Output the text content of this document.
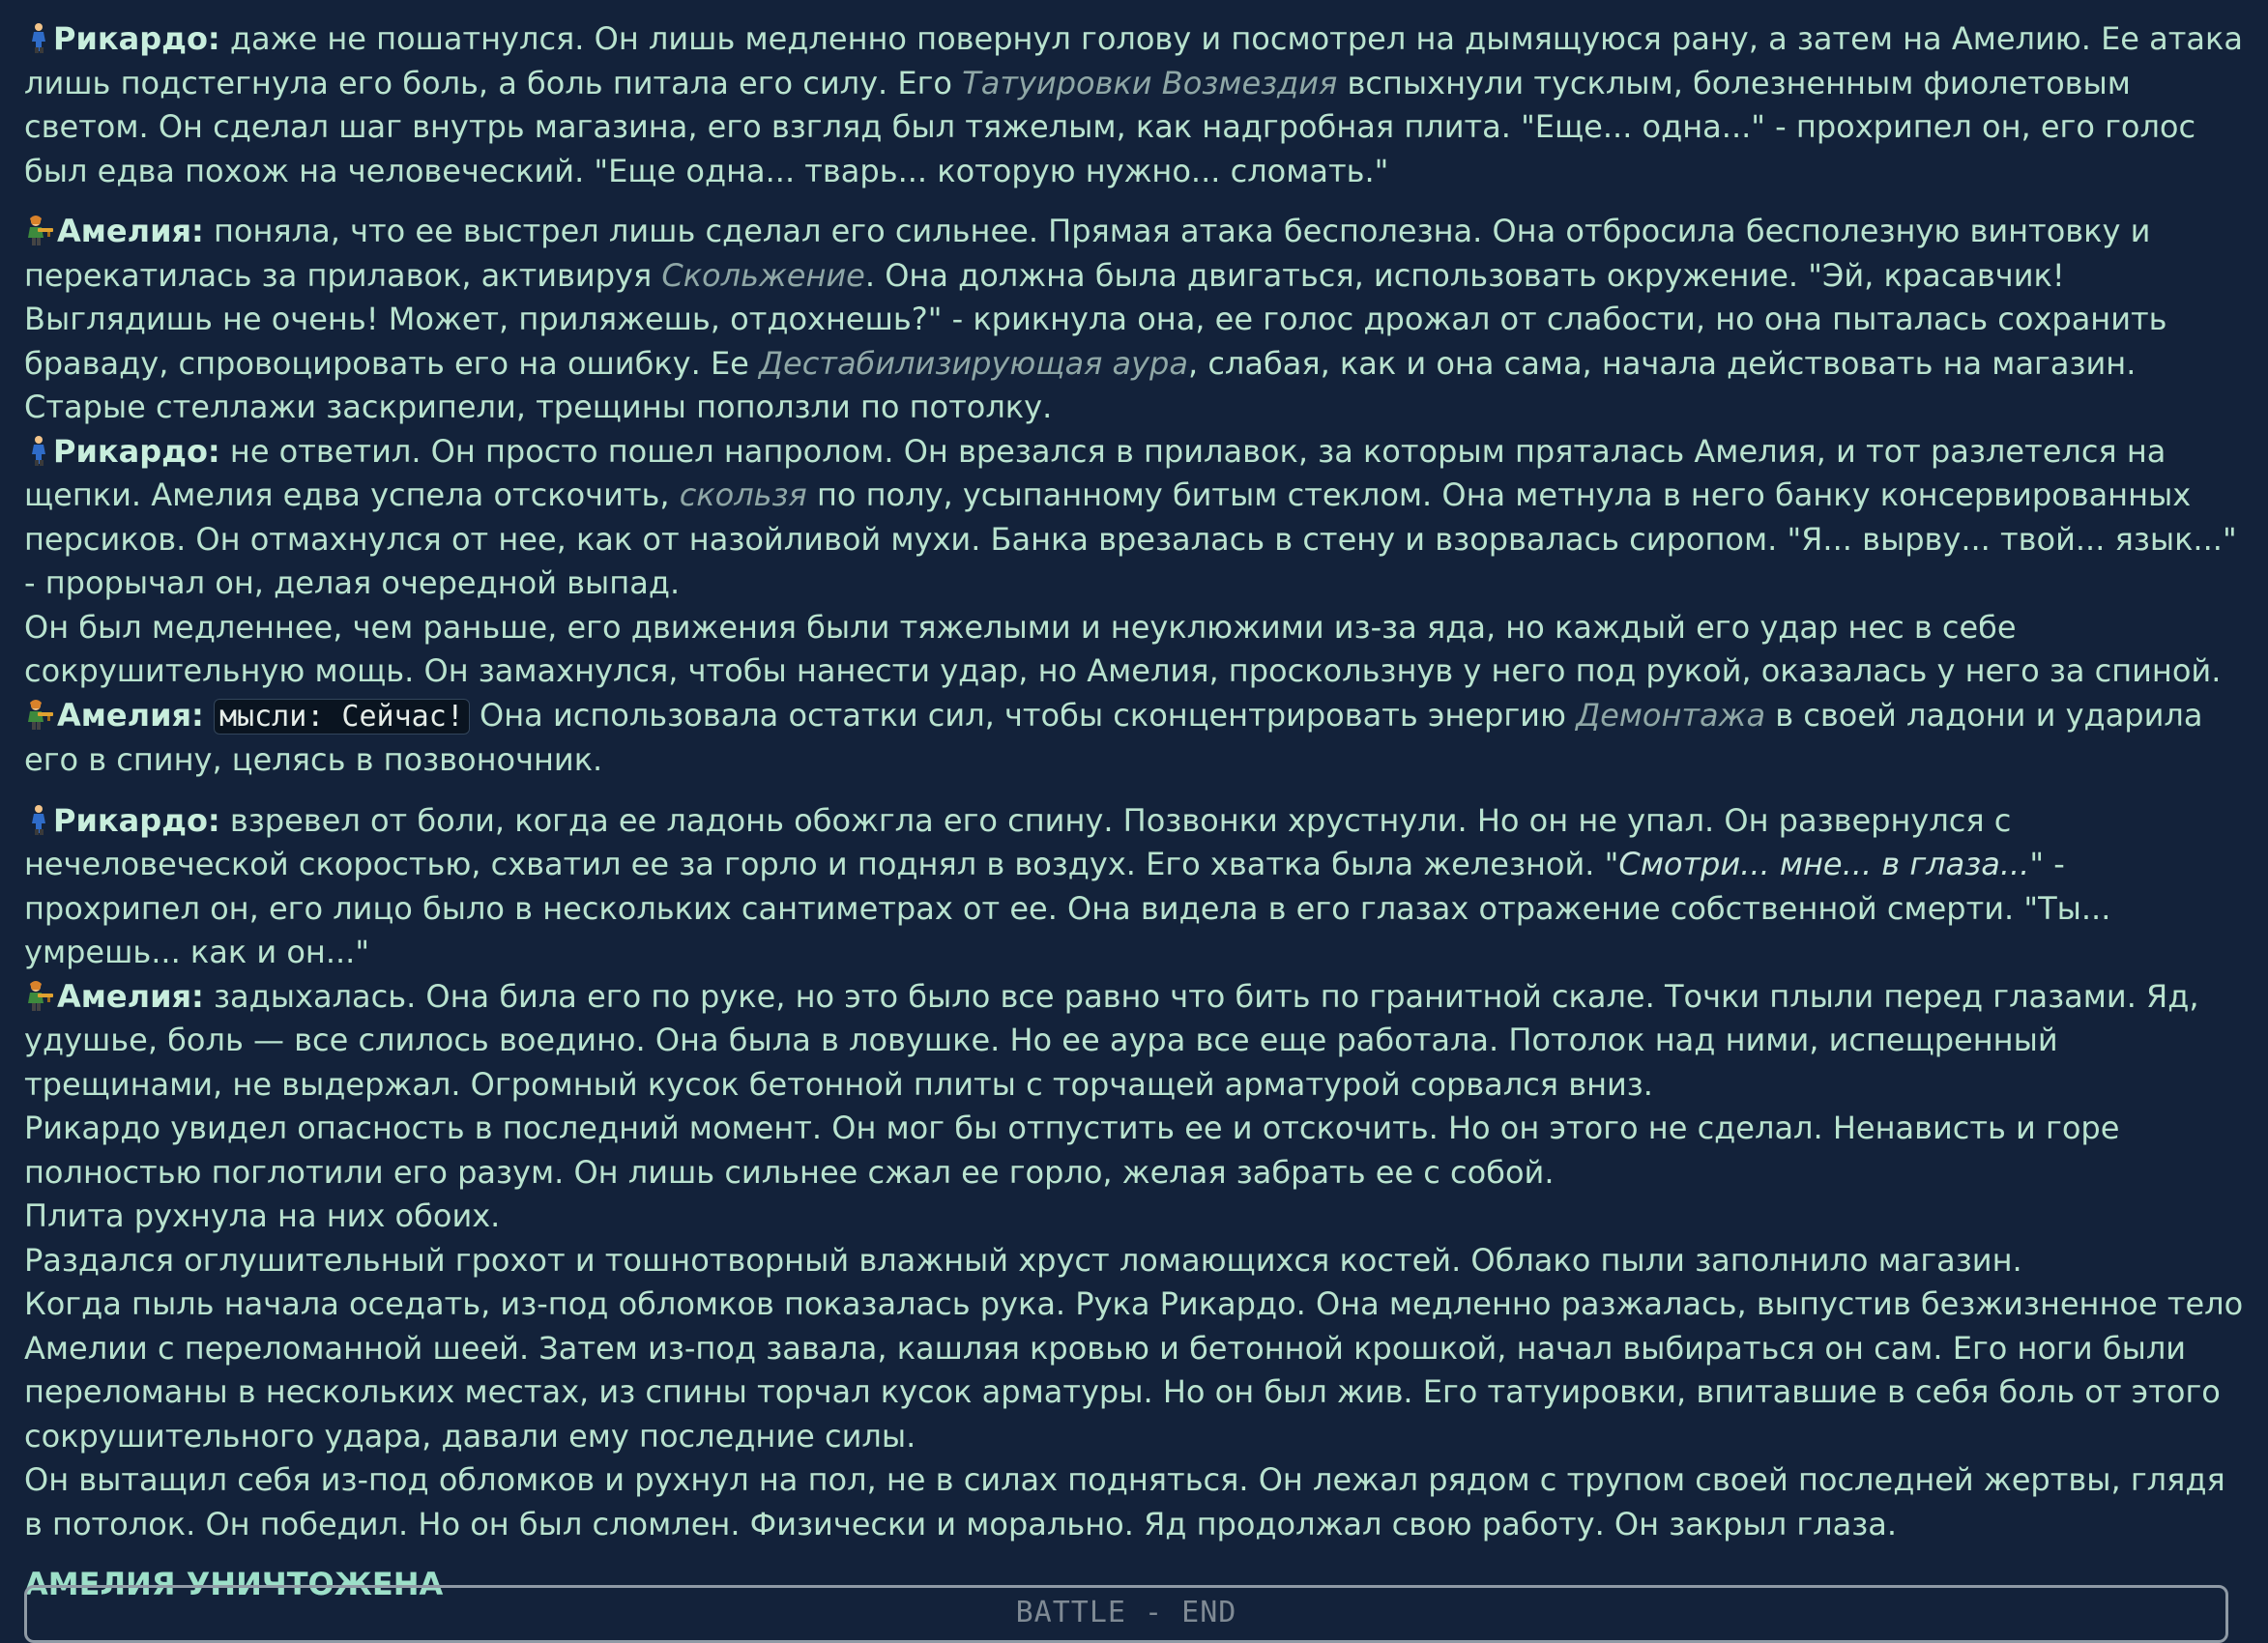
Рикардо: даже не пошатнулся. Он лишь медленно повернул голову и посмотрел на дымящуюся рану, а затем на Амелию. Ее атака лишь подстегнула его боль, а боль питала его силу. Его Татуировки Возмездия вспыхнули тусклым, болезненным фиолетовым светом. Он сделал шаг внутрь магазина, его взгляд был тяжелым, как надгробная плита. "Еще... одна..." - прохрипел он, его голос был едва похож на человеческий. "Еще одна... тварь... которую нужно... сломать."

Амелия: поняла, что ее выстрел лишь сделал его сильнее. Прямая атака бесполезна. Она отбросила бесполезную винтовку и перекатилась за прилавок, активируя Скольжение. Она должна была двигаться, использовать окружение. "Эй, красавчик! Выглядишь не очень! Может, приляжешь, отдохнешь?" - крикнула она, ее голос дрожал от слабости, но она пыталась сохранить браваду, спровоцировать его на ошибку. Ее Дестабилизирующая аура, слабая, как и она сама, начала действовать на магазин. Старые стеллажи заскрипели, трещины поползли по потолку.

Рикардо: не ответил. Он просто пошел напролом. Он врезался в прилавок, за которым пряталась Амелия, и тот разлетелся на щепки. Амелия едва успела отскочить, скользя по полу, усыпанному битым стеклом. Она метнула в него банку консервированных персиков. Он отмахнулся от нее, как от назойливой мухи. Банка врезалась в стену и взорвалась сиропом. "Я... вырву... твой... язык..." - прорычал он, делая очередной выпад.

Он был медленнее, чем раньше, его движения были тяжелыми и неуклюжими из-за яда, но каждый его удар нес в себе сокрушительную мощь. Он замахнулся, чтобы нанести удар, но Амелия, проскользнув у него под рукой, оказалась у него за спиной.

Амелия: мысли: Сейчас! Она использовала остатки сил, чтобы сконцентрировать энергию Демонтажа в своей ладони и ударила его в спину, целясь в позвоночник.

Рикардо: взревел от боли, когда ее ладонь обожгла его спину. Позвонки хрустнули. Но он не упал. Он развернулся с нечеловеческой скоростью, схватил ее за горло и поднял в воздух. Его хватка была железной. "Смотри... мне... в глаза..." - прохрипел он, его лицо было в нескольких сантиметрах от ее. Она видела в его глазах отражение собственной смерти. "Ты... умрешь... как и он..."

Амелия: задыхалась. Она била его по руке, но это было все равно что бить по гранитной скале. Точки плыли перед глазами. Яд, удушье, боль — все слилось воедино. Она была в ловушке. Но ее аура все еще работала. Потолок над ними, испещренный трещинами, не выдержал. Огромный кусок бетонной плиты с торчащей арматурой сорвался вниз.

Рикардо увидел опасность в последний момент. Он мог бы отпустить ее и отскочить. Но он этого не сделал. Ненависть и горе полностью поглотили его разум. Он лишь сильнее сжал ее горло, желая забрать ее с собой.

Плита рухнула на них обоих.

Раздался оглушительный грохот и тошнотворный влажный хруст ломающихся костей. Облако пыли заполнило магазин.

Когда пыль начала оседать, из-под обломков показалась рука. Рука Рикардо. Она медленно разжалась, выпустив безжизненное тело Амелии с переломанной шеей. Затем из-под завала, кашляя кровью и бетонной крошкой, начал выбираться он сам. Его ноги были переломаны в нескольких местах, из спины торчал кусок арматуры. Но он был жив. Его татуировки, впитавшие в себя боль от этого сокрушительного удара, давали ему последние силы.

Он вытащил себя из-под обломков и рухнул на пол, не в силах подняться. Он лежал рядом с трупом своей последней жертвы, глядя в потолок. Он победил. Но он был сломлен. Физически и морально. Яд продолжал свою работу. Он закрыл глаза.

АМЕЛИЯ УНИЧТОЖЕНА

BATTLE - END
